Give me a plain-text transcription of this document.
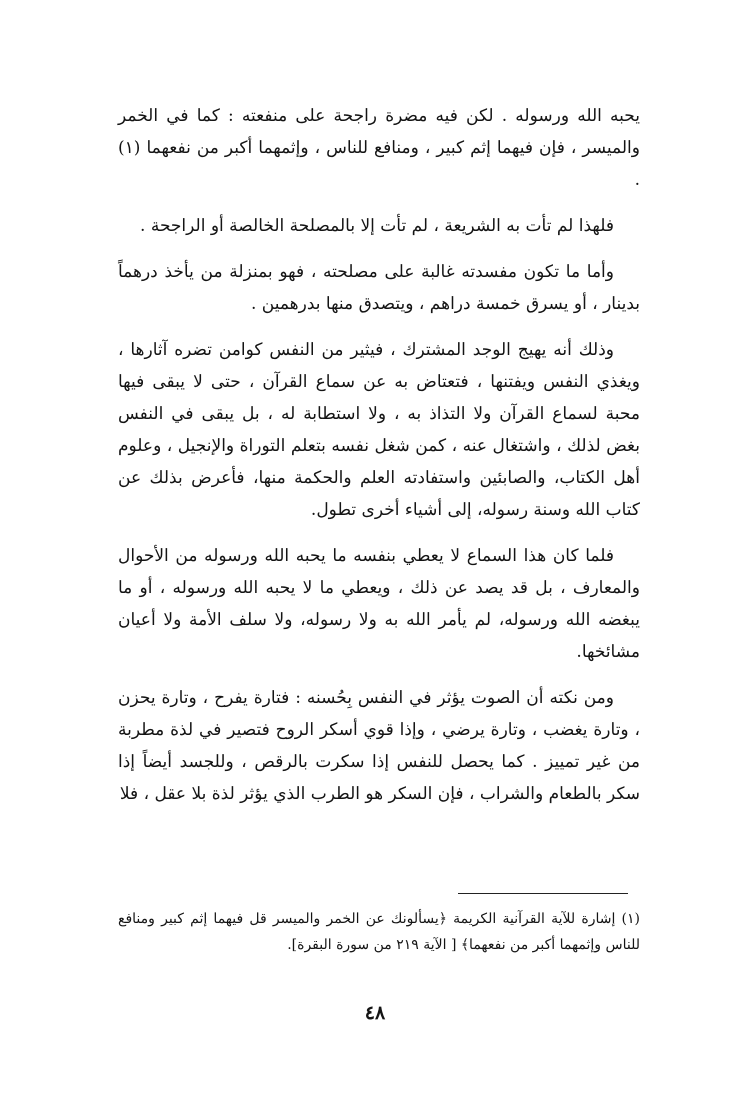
يحبه الله ورسوله . لكن فيه مضرة راجحة على منفعته : كما في الخمر والميسر ، فإن فيهما إثم كبير ، ومنافع للناس ، وإثمهما أكبر من نفعهما (١) .

فلهذا لم تأت به الشريعة ، لم تأت إلا بالمصلحة الخالصة أو الراجحة .

وأما ما تكون مفسدته غالبة على مصلحته ، فهو بمنزلة من يأخذ درهماً بدينار ، أو يسرق خمسة دراهم ، ويتصدق منها بدرهمين .

وذلك أنه يهيج الوجد المشترك ، فيثير من النفس كوامن تضره آثارها ، ويغذي النفس ويفتنها ، فتعتاض به عن سماع القرآن ، حتى لا يبقى فيها محبة لسماع القرآن ولا التذاذ به ، ولا استطابة له ، بل يبقى في النفس بغض لذلك ، واشتغال عنه ، كمن شغل نفسه بتعلم التوراة والإنجيل ، وعلوم أهل الكتاب، والصابئين واستفادته العلم والحكمة منها، فأعرض بذلك عن كتاب الله وسنة رسوله، إلى أشياء أخرى تطول.

فلما كان هذا السماع لا يعطي بنفسه ما يحبه الله ورسوله من الأحوال والمعارف ، بل قد يصد عن ذلك ، ويعطي ما لا يحبه الله ورسوله ، أو ما يبغضه الله ورسوله، لم يأمر الله به ولا رسوله، ولا سلف الأمة ولا أعيان مشائخها.

ومن نكته أن الصوت يؤثر في النفس بِحُسنه : فتارة يفرح ، وتارة يحزن ، وتارة يغضب ، وتارة يرضي ، وإذا قوي أسكر الروح فتصير في لذة مطربة من غير تمييز . كما يحصل للنفس إذا سكرت بالرقص ، وللجسد أيضاً إذا سكر بالطعام والشراب ، فإن السكر هو الطرب الذي يؤثر لذة بلا عقل ، فلا

(١) إشارة للآية القرآنية الكريمة ﴿يسألونك عن الخمر والميسر قل فيهما إثم كبير ومنافع للناس وإثمهما أكبر من نفعهما﴾ [ الآية ٢١٩ من سورة البقرة].

٤٨
